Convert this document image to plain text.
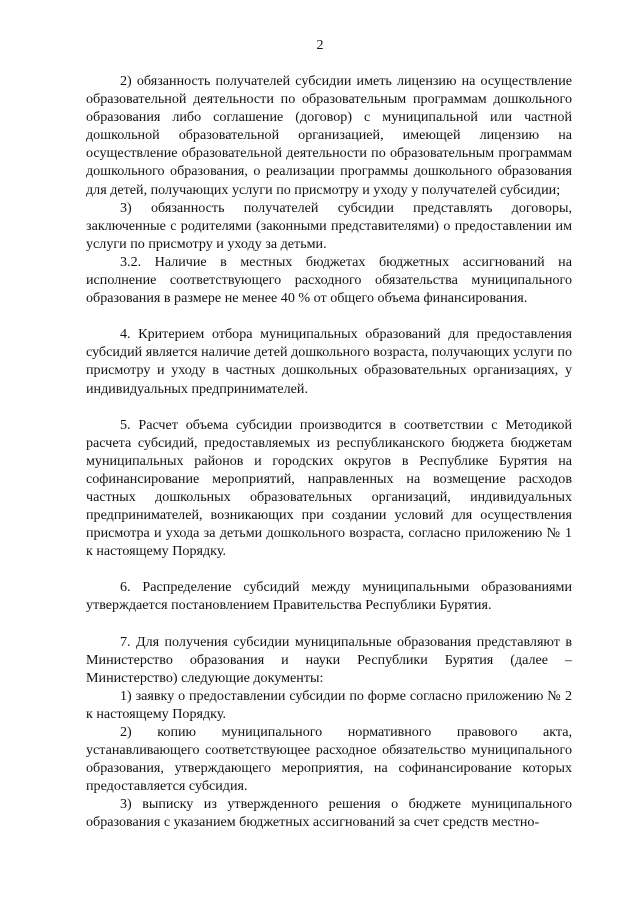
2

2) обязанность получателей субсидии иметь лицензию на осуществление образовательной деятельности по образовательным программам дошкольного образования либо соглашение (договор) с муниципальной или частной дошкольной образовательной организацией, имеющей лицензию на осуществление образовательной деятельности по образовательным программам дошкольного образования, о реализации программы дошкольного образования для детей, получающих услуги по присмотру и уходу у получателей субсидии;

3) обязанность получателей субсидии представлять договоры, заключенные с родителями (законными представителями) о предоставлении им услуги по присмотру и уходу за детьми.

3.2. Наличие в местных бюджетах бюджетных ассигнований на исполнение соответствующего расходного обязательства муниципального образования в размере не менее 40 % от общего объема финансирования.

4. Критерием отбора муниципальных образований для предоставления субсидий является наличие детей дошкольного возраста, получающих услуги по присмотру и уходу в частных дошкольных образовательных организациях, у индивидуальных предпринимателей.

5. Расчет объема субсидии производится в соответствии с Методикой расчета субсидий, предоставляемых из республиканского бюджета бюджетам муниципальных районов и городских округов в Республике Бурятия на софинансирование мероприятий, направленных на возмещение расходов частных дошкольных образовательных организаций, индивидуальных предпринимателей, возникающих при создании условий для осуществления присмотра и ухода за детьми дошкольного возраста, согласно приложению № 1 к настоящему Порядку.

6. Распределение субсидий между муниципальными образованиями утверждается постановлением Правительства Республики Бурятия.

7. Для получения субсидии муниципальные образования представляют в Министерство образования и науки Республики Бурятия (далее – Министерство) следующие документы:

1) заявку о предоставлении субсидии по форме согласно приложению № 2 к настоящему Порядку.

2) копию муниципального нормативного правового акта, устанавливающего соответствующее расходное обязательство муниципального образования, утверждающего мероприятия, на софинансирование которых предоставляется субсидия.

3) выписку из утвержденного решения о бюджете муниципального образования с указанием бюджетных ассигнований за счет средств местно-
